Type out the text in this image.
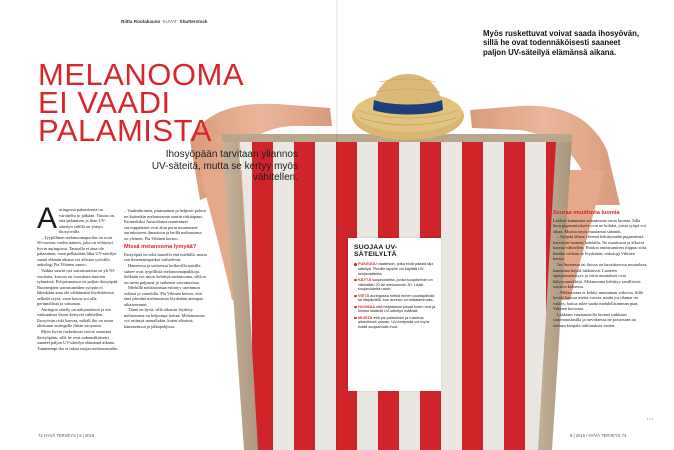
Riitta Routakauno KUVAT Shutterstock
MELANOOMA
EI VAADI
PALAMISTA
Ihosyöpään tarvitaan yliannos UV-säteitä, mutta se kertyy myös vähitellen.
Myös ruskettuvat voivat saada ihosyövän, sillä he ovat todennäköisesti saaneet paljon UV-säteilyä elämänsä aikana.
A uringossa palamisesta on varoiteltu jo pitkään. Tutuus on, että palamisen ja liian UV-säteilyn välillä on yhteys ihosyövälle.

– Tyypillinen melanoomapotilas on noin 50-vuotias vaalea nainen, joka on viihtynyt hyvin auringossa. Taustalla ei aina ole palaminen, vaan pelkästään liika UV-säteilyn saanti elämän aikana voi altistaa syövälle, onkologi Pia Vihinen sanoo.

Vaikka suurin osa sairastuneista on yli 50-vuotiaita, kasvua on vuosittain nuorten ryhmässä. Pohjoismaissa on paljon ihosyöpää. Nuorimpien sairastuneiden syöpiin ei läheskään aina ole välttämättä löydettävissä selkeää syytä, vaan kasvu voi olla perinnöllistä ja sattumaa.

Auringon säteily on näkymätöntä ja sen vaikutukset ihoon kertyvät vähitellen. Ihosyövän riski kasvaa, mikäli iho on usein altistunut auringolle ilman suojausta.

Myös hyvin ruskettuvat voivat sairastua ihosyöpään, sillä he ovat todennäköisesti saaneet paljon UV-säteilyä elämänsä aikana. Tummempi iho ei takaa suojaa melanoomalta.

– Vaaleaihoinen, pisamainen ja helposti palava on kuitenkin melanooman suurin riskitapaus. Esimerkiksi Australiassa muuttaneet eurooppalaiset ovat alun perin muuttaneet aurinkoiseen ilmastoon ja heillä melanooma on yleinen, Pia Vihinen kertoo.

Missä melanooma lymyää?

Ihosyöpää on sekä nauvilla että miehillä, mutta sen ilmenemispaikat vaihtelevat.

Hameessa ja sortseissa kulkevilla naisilla säärет ovat tyypillisiä melanoomapaikkoja. Selkään voi myös kehittyä melanooma, sillä se on usein paljaana ja vaikeasti rasvattavissa.

Miehillä melanoomaa esiintyy useimmin selässä ja vartalolla. Pia Vihinen kertoo, että tänä päivänä melanoomia löydetään aiempaa aikaisemmin.

Tämä on hyvä, sillä aikaisin löydetty melanooma on helpompi hoitaa. Melanoomaa voi esiintyä muuallakin, kuten silmissä, kämmenissä ja jalkapohjissa.

SUOJAA UV-SÄTEILYLTÄ
PUKEUDU vaatteisiin, jotka eivät päästä läpi säteilyä. Pienille lapsille voi käyttää UV-suojavaatteita.
KÄYTÄ suojavoidetta, jonka suojakerroin on vähintään 20 tai mieluummin 30. Lisää suojavoidetta usein.
VIETÄ auringossa hetkiä ennen puoltapäivää tai iltapäivällä, kun aurinko on matalammalla.
HUOMAA että heijastavat pinnat kuten vesi ja hiekka lisäävät UV-säteilyn määrää.
MUISTA että jos palaminen ja rusketus aiheuttavat vaaran, UV-kertymää voi myös estää suojaamalla ihoa.
Seuraa muuttuvia luomia

Lääkäri kannustaa seuraamaan omia luomia. Silla ihon pigmenttialueet ovat ne kohdat, joista syöpä voi alkaa. Muista myös muutamat säännöt.

– Syöpää lähtee yleensä kehittymään pigmentistä kasvavan luoman kohdalta. Ne muuttuvat ja alkavat kasvaa vähitellen. Hoidon onnistuminen riippuu siitä, kuinka varhain se löydetään, onkologi Vihinen kertoo.

Jos luomessa tai ihossa on havaittavissa muutoksia, kannattaa käydä lääkärissä. Luomen epäsymmetrisyys ja värin muutokset ovat hälytysmerkkejä. Melanooma kehittyy tavallisesti vuosien kuluessa.

– Melanooma ei kehity muutaman viikossa. Sillä kestää kasvaa useita vuosia, mutta jos tilanne on vaikea, hoitoa tulee saada mahdollisimman pian, Vihinen korostaa.

Lääkärin vastaanotolla luomet tutkitaan suurennuslasilla ja tarvittaessa ne poistetaan tai otetaan koepala tutkimuksia varten.

▪▪▪
72 HYVÄ TERVEYS | 8 | 2016	8 | 2016 / HYVÄ TERVEYS 73
